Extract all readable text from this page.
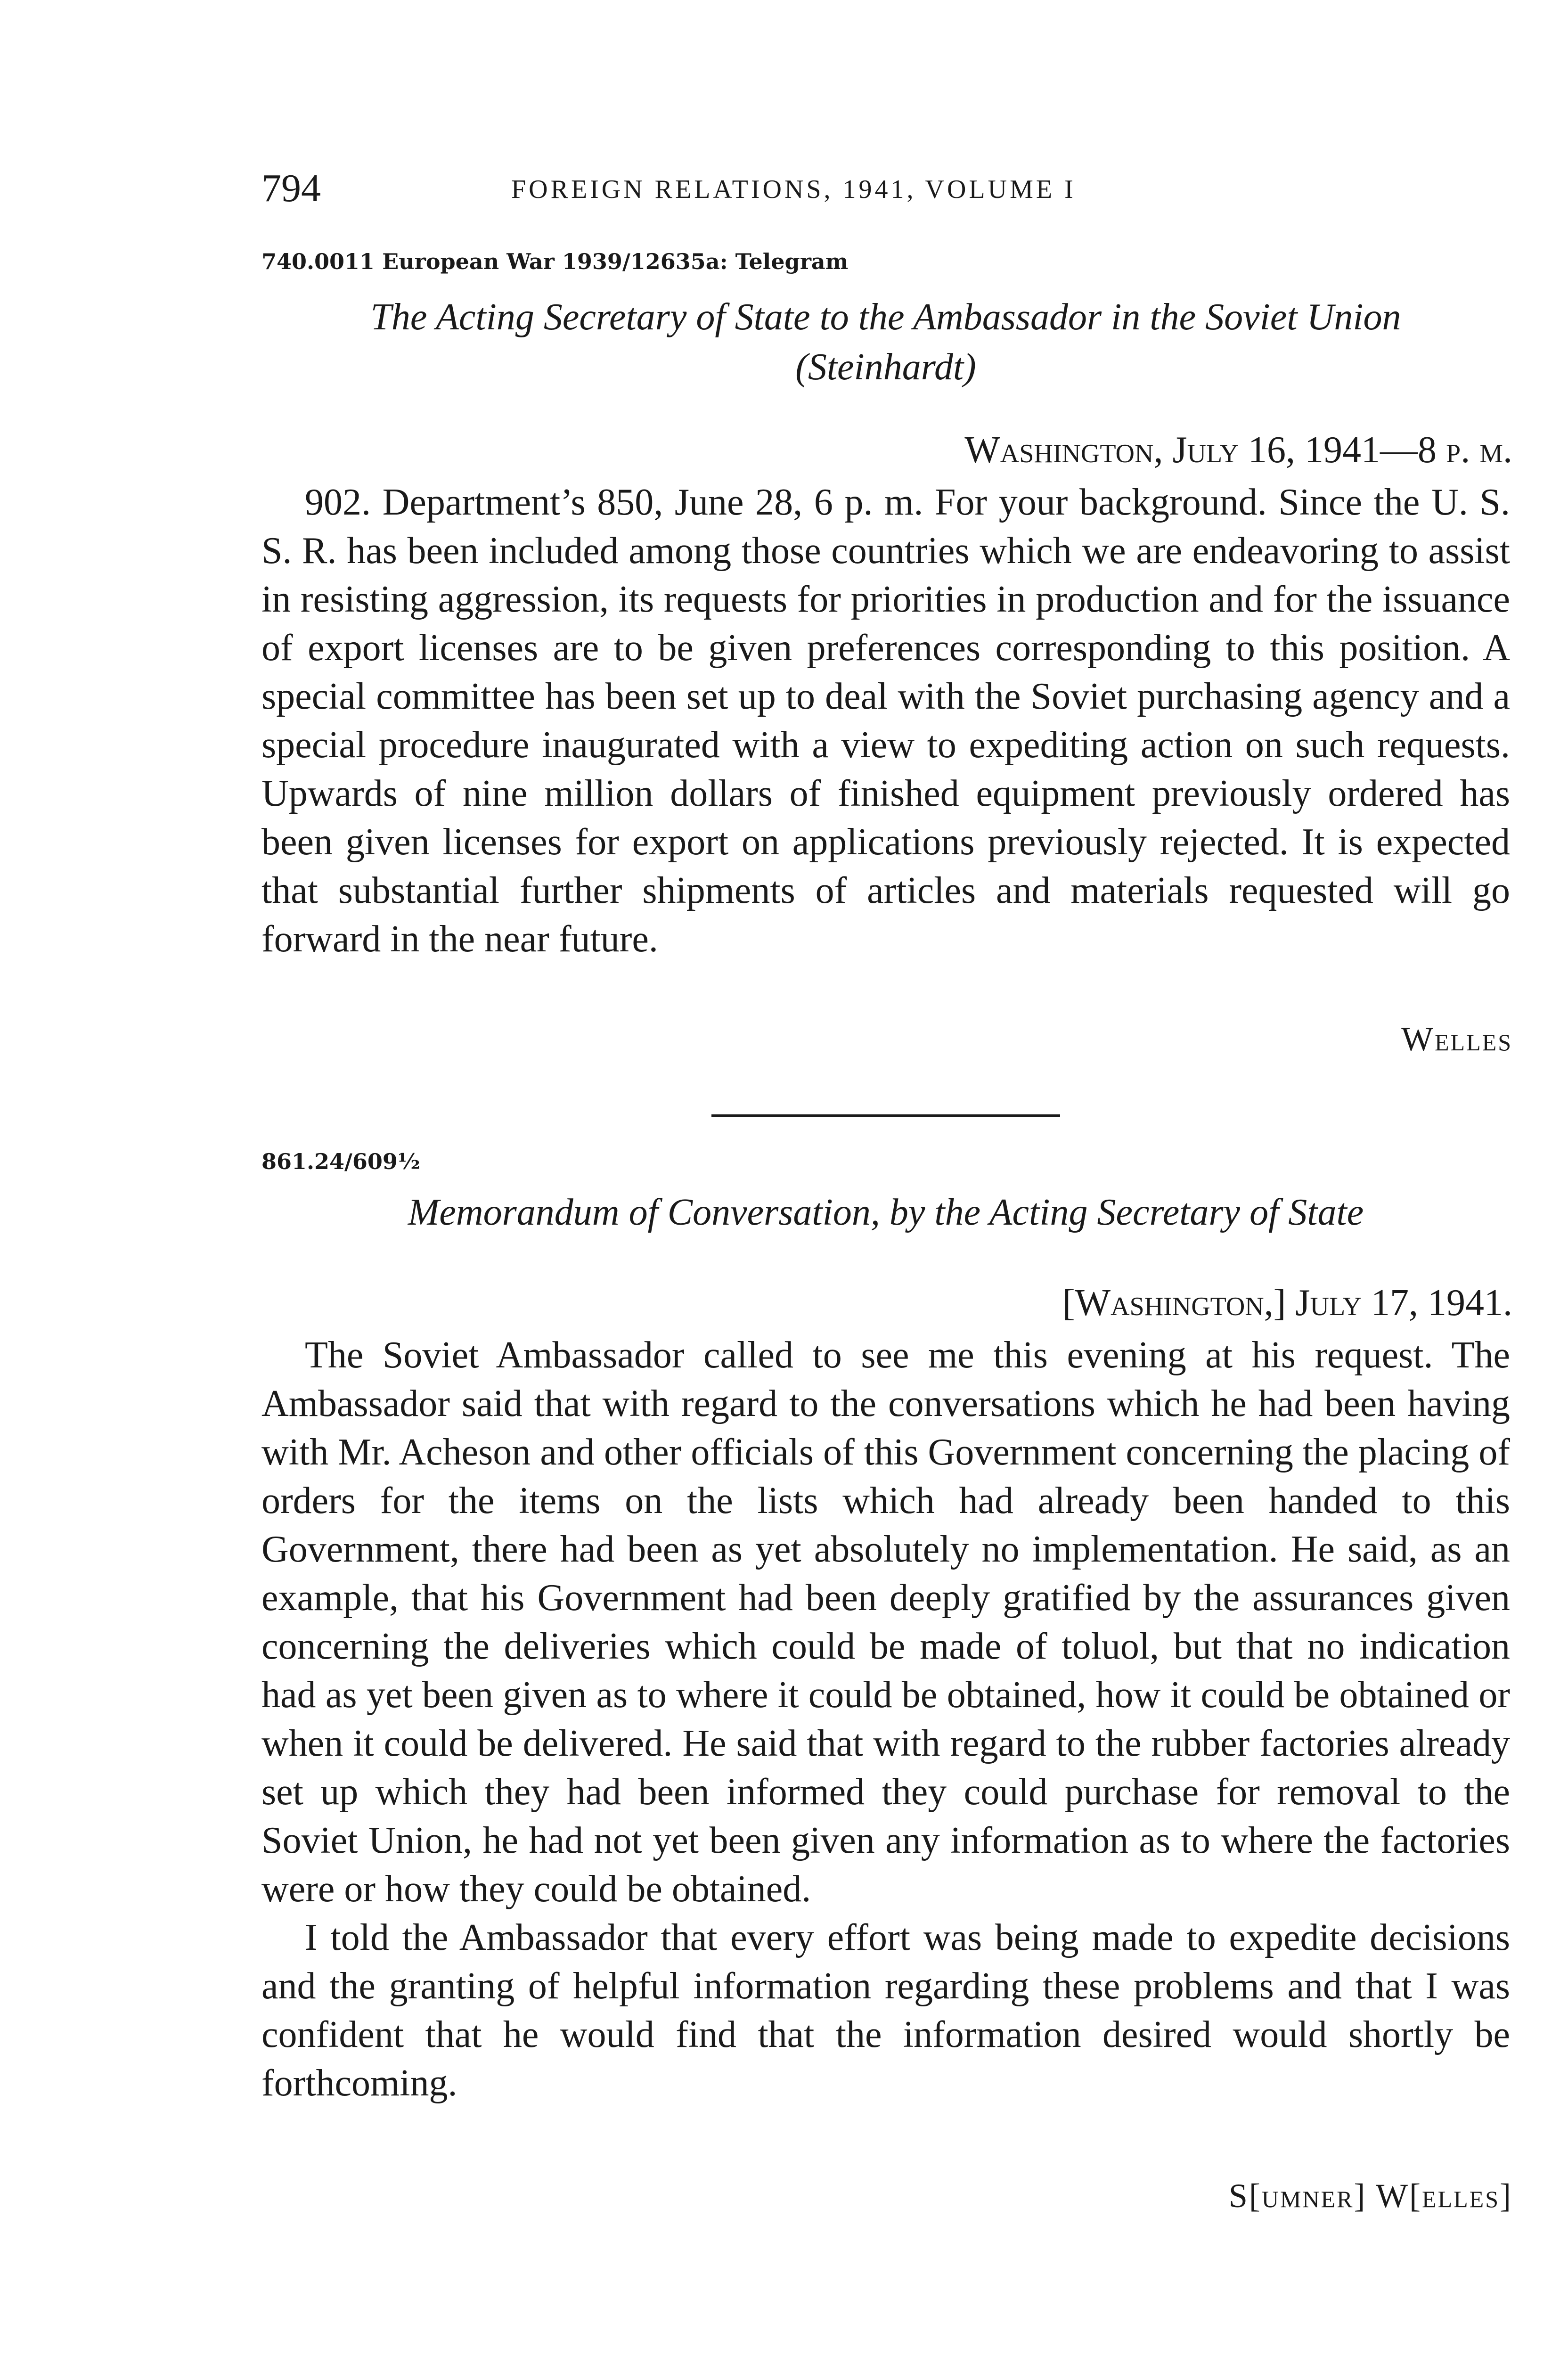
794	FOREIGN RELATIONS, 1941, VOLUME I
740.0011 European War 1939/12635a: Telegram
The Acting Secretary of State to the Ambassador in the Soviet Union
(Steinhardt)
Washington, July 16, 1941—8 p. m.

902. Department’s 850, June 28, 6 p. m. For your background. Since the U. S. S. R. has been included among those countries which we are endeavoring to assist in resisting aggression, its requests for priorities in production and for the issuance of export licenses are to be given preferences corresponding to this position. A special committee has been set up to deal with the Soviet purchasing agency and a special procedure inaugurated with a view to expediting action on such requests. Upwards of nine million dollars of finished equipment previously ordered has been given licenses for export on applications previously rejected. It is expected that substantial further shipments of articles and materials requested will go forward in the near future.

Welles
861.24/609½
Memorandum of Conversation, by the Acting Secretary of State
[Washington,] July 17, 1941.

The Soviet Ambassador called to see me this evening at his request. The Ambassador said that with regard to the conversations which he had been having with Mr. Acheson and other officials of this Government concerning the placing of orders for the items on the lists which had already been handed to this Government, there had been as yet absolutely no implementation. He said, as an example, that his Government had been deeply gratified by the assurances given concerning the deliveries which could be made of toluol, but that no indication had as yet been given as to where it could be obtained, how it could be obtained or when it could be delivered. He said that with regard to the rubber factories already set up which they had been informed they could purchase for removal to the Soviet Union, he had not yet been given any information as to where the factories were or how they could be obtained.

I told the Ambassador that every effort was being made to expedite decisions and the granting of helpful information regarding these problems and that I was confident that he would find that the information desired would shortly be forthcoming.

S[umner] W[elles]
